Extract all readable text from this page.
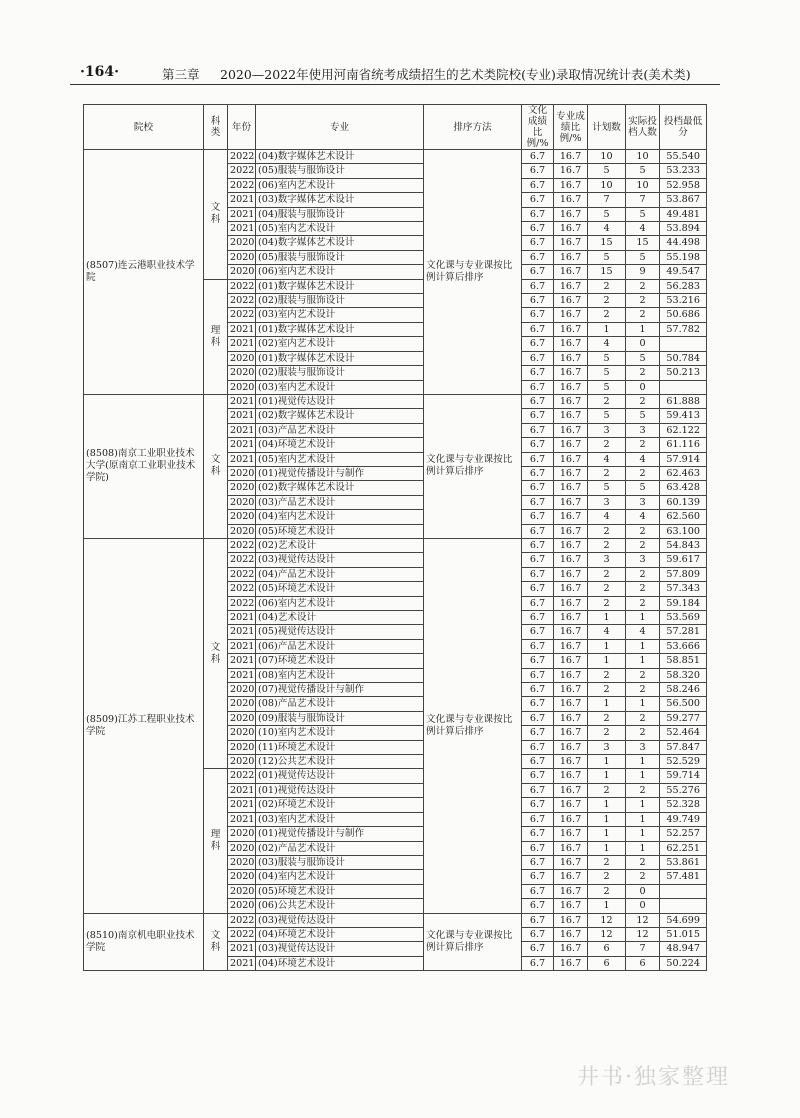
·164·	第三章 2020—2022年使用河南省统考成绩招生的艺术类院校(专业)录取情况统计表(美术类)
院校	科类	年份	专业	排序方法	文化成绩比例/%	专业成绩比例/%	计划数	实际投档人数	投档最低分
(8507)连云港职业技术学院	文科	2022	(04)数字媒体艺术设计	文化课与专业课按比例计算后排序	6.7	16.7	10	10	55.540
		2022	(05)服装与服饰设计		6.7	16.7	5	5	53.233
		2022	(06)室内艺术设计		6.7	16.7	10	10	52.958
		2021	(03)数字媒体艺术设计		6.7	16.7	7	7	53.867
		2021	(04)服装与服饰设计		6.7	16.7	5	5	49.481
		2021	(05)室内艺术设计		6.7	16.7	4	4	53.894
		2020	(04)数字媒体艺术设计		6.7	16.7	15	15	44.498
		2020	(05)服装与服饰设计		6.7	16.7	5	5	55.198
		2020	(06)室内艺术设计		6.7	16.7	15	9	49.547
	理科	2022	(01)数字媒体艺术设计		6.7	16.7	2	2	56.283
		2022	(02)服装与服饰设计		6.7	16.7	2	2	53.216
		2022	(03)室内艺术设计		6.7	16.7	2	2	50.686
		2021	(01)数字媒体艺术设计		6.7	16.7	1	1	57.782
		2021	(02)室内艺术设计		6.7	16.7	4	0	
		2020	(01)数字媒体艺术设计		6.7	16.7	5	5	50.784
		2020	(02)服装与服饰设计		6.7	16.7	5	2	50.213
		2020	(03)室内艺术设计		6.7	16.7	5	0	
(8508)南京工业职业技术大学(原南京工业职业技术学院)	文科	2021	(01)视觉传达设计	文化课与专业课按比例计算后排序	6.7	16.7	2	2	61.888
		2021	(02)数字媒体艺术设计		6.7	16.7	5	5	59.413
		2021	(03)产品艺术设计		6.7	16.7	3	3	62.122
		2021	(04)环境艺术设计		6.7	16.7	2	2	61.116
		2021	(05)室内艺术设计		6.7	16.7	4	4	57.914
		2020	(01)视觉传播设计与制作		6.7	16.7	2	2	62.463
		2020	(02)数字媒体艺术设计		6.7	16.7	5	5	63.428
		2020	(03)产品艺术设计		6.7	16.7	3	3	60.139
		2020	(04)室内艺术设计		6.7	16.7	4	4	62.560
		2020	(05)环境艺术设计		6.7	16.7	2	2	63.100
(8509)江苏工程职业技术学院	文科	2022	(02)艺术设计	文化课与专业课按比例计算后排序	6.7	16.7	2	2	54.843
		2022	(03)视觉传达设计		6.7	16.7	3	3	59.617
		2022	(04)产品艺术设计		6.7	16.7	2	2	57.809
		2022	(05)环境艺术设计		6.7	16.7	2	2	57.343
		2022	(06)室内艺术设计		6.7	16.7	2	2	59.184
		2021	(04)艺术设计		6.7	16.7	1	1	53.569
		2021	(05)视觉传达设计		6.7	16.7	4	4	57.281
		2021	(06)产品艺术设计		6.7	16.7	1	1	53.666
		2021	(07)环境艺术设计		6.7	16.7	1	1	58.851
		2021	(08)室内艺术设计		6.7	16.7	2	2	58.320
		2020	(07)视觉传播设计与制作		6.7	16.7	2	2	58.246
		2020	(08)产品艺术设计		6.7	16.7	1	1	56.500
		2020	(09)服装与服饰设计		6.7	16.7	2	2	59.277
		2020	(10)室内艺术设计		6.7	16.7	2	2	52.464
		2020	(11)环境艺术设计		6.7	16.7	3	3	57.847
		2020	(12)公共艺术设计		6.7	16.7	1	1	52.529
	理科	2022	(01)视觉传达设计		6.7	16.7	1	1	59.714
		2021	(01)视觉传达设计		6.7	16.7	2	2	55.276
		2021	(02)环境艺术设计		6.7	16.7	1	1	52.328
		2021	(03)室内艺术设计		6.7	16.7	1	1	49.749
		2020	(01)视觉传播设计与制作		6.7	16.7	1	1	52.257
		2020	(02)产品艺术设计		6.7	16.7	1	1	62.251
		2020	(03)服装与服饰设计		6.7	16.7	2	2	53.861
		2020	(04)室内艺术设计		6.7	16.7	2	2	57.481
		2020	(05)环境艺术设计		6.7	16.7	2	0	
		2020	(06)公共艺术设计		6.7	16.7	1	0	
(8510)南京机电职业技术学院	文科	2022	(03)视觉传达设计	文化课与专业课按比例计算后排序	6.7	16.7	12	12	54.699
		2022	(04)环境艺术设计		6.7	16.7	12	12	51.015
		2021	(03)视觉传达设计		6.7	16.7	6	7	48.947
		2021	(04)环境艺术设计		6.7	16.7	6	6	50.224
井书·独家整理
